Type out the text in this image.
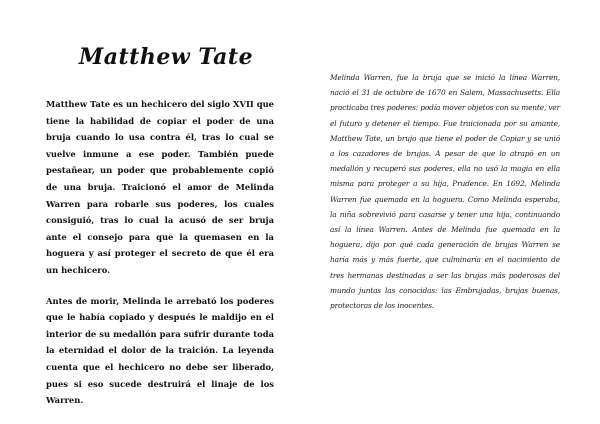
Matthew Tate

Matthew Tate es un hechicero del siglo XVII que tiene la habilidad de copiar el poder de una bruja cuando lo usa contra él, tras lo cual se vuelve inmune a ese poder. También puede pestañear, un poder que probablemente copió de una bruja. Traicionó el amor de Melinda Warren para robarle sus poderes, los cuales consiguió, tras lo cual la acusó de ser bruja ante el consejo para que la quemasen en la hoguera y así proteger el secreto de que él era un hechicero.

Antes de morir, Melinda le arrebató los poderes que le había copiado y después le maldijo en el interior de su medallón para sufrir durante toda la eternidad el dolor de la traición. La leyenda cuenta que el hechicero no debe ser liberado, pues si eso sucede destruirá el linaje de los Warren.

Melinda Warren, fue la bruja que se inició la línea Warren, nació el 31 de octubre de 1670 en Salem, Massachusetts. Ella practicaba tres poderes: podía mover objetos con su mente, ver el futuro y detener el tiempo. Fue traicionada por su amante, Matthew Tate, un brujo que tiene el poder de Copiar y se unió a los cazadores de brujas. A pesar de que lo atrapó en un medallón y recuperó sus poderes, ella no usó la magia en ella misma para proteger a su hija, Prudence. En 1692, Melinda Warren fue quemada en la hoguera. Como Melinda esperaba, la niña sobrevivió para casarse y tener una hija, continuando así la línea Warren. Antes de Melinda fue quemada en la hoguera, dijo por qué cada generación de brujas Warren se haría más y más fuerte, que culminaría en el nacimiento de tres hermanas destinadas a ser las brujas más poderosas del mundo juntas las conocidas: las Embrujadas, brujas buenas, protectoras de los inocentes.
